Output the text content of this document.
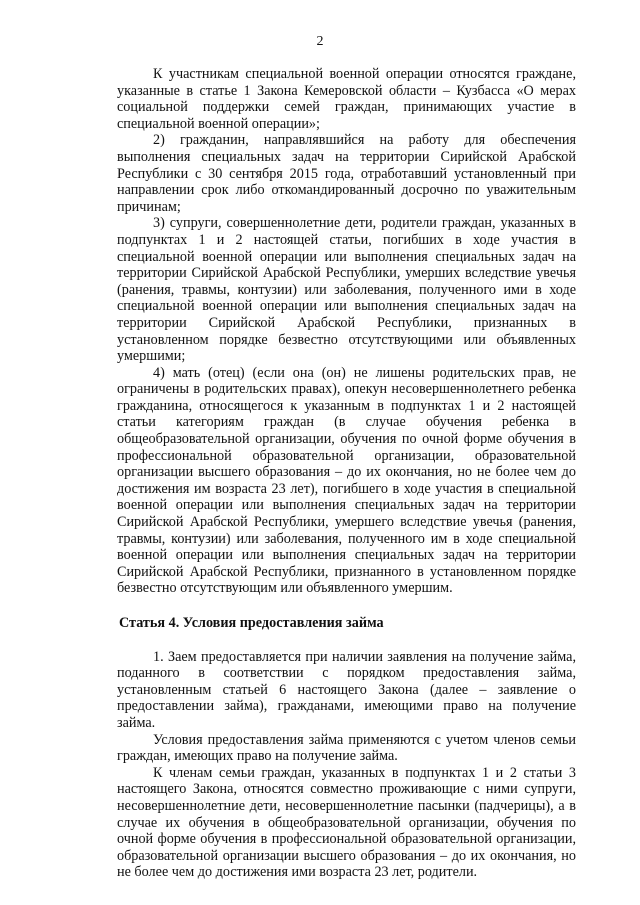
2

К участникам специальной военной операции относятся граждане, указанные в статье 1 Закона Кемеровской области – Кузбасса «О мерах социальной поддержки семей граждан, принимающих участие в специальной военной операции»;

2) гражданин, направлявшийся на работу для обеспечения выполнения специальных задач на территории Сирийской Арабской Республики с 30 сентября 2015 года, отработавший установленный при направлении срок либо откомандированный досрочно по уважительным причинам;

3) супруги, совершеннолетние дети, родители граждан, указанных в подпунктах 1 и 2 настоящей статьи, погибших в ходе участия в специальной военной операции или выполнения специальных задач на территории Сирийской Арабской Республики, умерших вследствие увечья (ранения, травмы, контузии) или заболевания, полученного ими в ходе специальной военной операции или выполнения специальных задач на территории Сирийской Арабской Республики, признанных в установленном порядке безвестно отсутствующими или объявленных умершими;

4) мать (отец) (если она (он) не лишены родительских прав, не ограничены в родительских правах), опекун несовершеннолетнего ребенка гражданина, относящегося к указанным в подпунктах 1 и 2 настоящей статьи категориям граждан (в случае обучения ребенка в общеобразовательной организации, обучения по очной форме обучения в профессиональной образовательной организации, образовательной организации высшего образования – до их окончания, но не более чем до достижения им возраста 23 лет), погибшего в ходе участия в специальной военной операции или выполнения специальных задач на территории Сирийской Арабской Республики, умершего вследствие увечья (ранения, травмы, контузии) или заболевания, полученного им в ходе специальной военной операции или выполнения специальных задач на территории Сирийской Арабской Республики, признанного в установленном порядке безвестно отсутствующим или объявленного умершим.

Статья 4. Условия предоставления займа

1. Заем предоставляется при наличии заявления на получение займа, поданного в соответствии с порядком предоставления займа, установленным статьей 6 настоящего Закона (далее – заявление о предоставлении займа), гражданами, имеющими право на получение займа.

Условия предоставления займа применяются с учетом членов семьи граждан, имеющих право на получение займа.

К членам семьи граждан, указанных в подпунктах 1 и 2 статьи 3 настоящего Закона, относятся совместно проживающие с ними супруги, несовершеннолетние дети, несовершеннолетние пасынки (падчерицы), а в случае их обучения в общеобразовательной организации, обучения по очной форме обучения в профессиональной образовательной организации, образовательной организации высшего образования – до их окончания, но не более чем до достижения ими возраста 23 лет, родители.
